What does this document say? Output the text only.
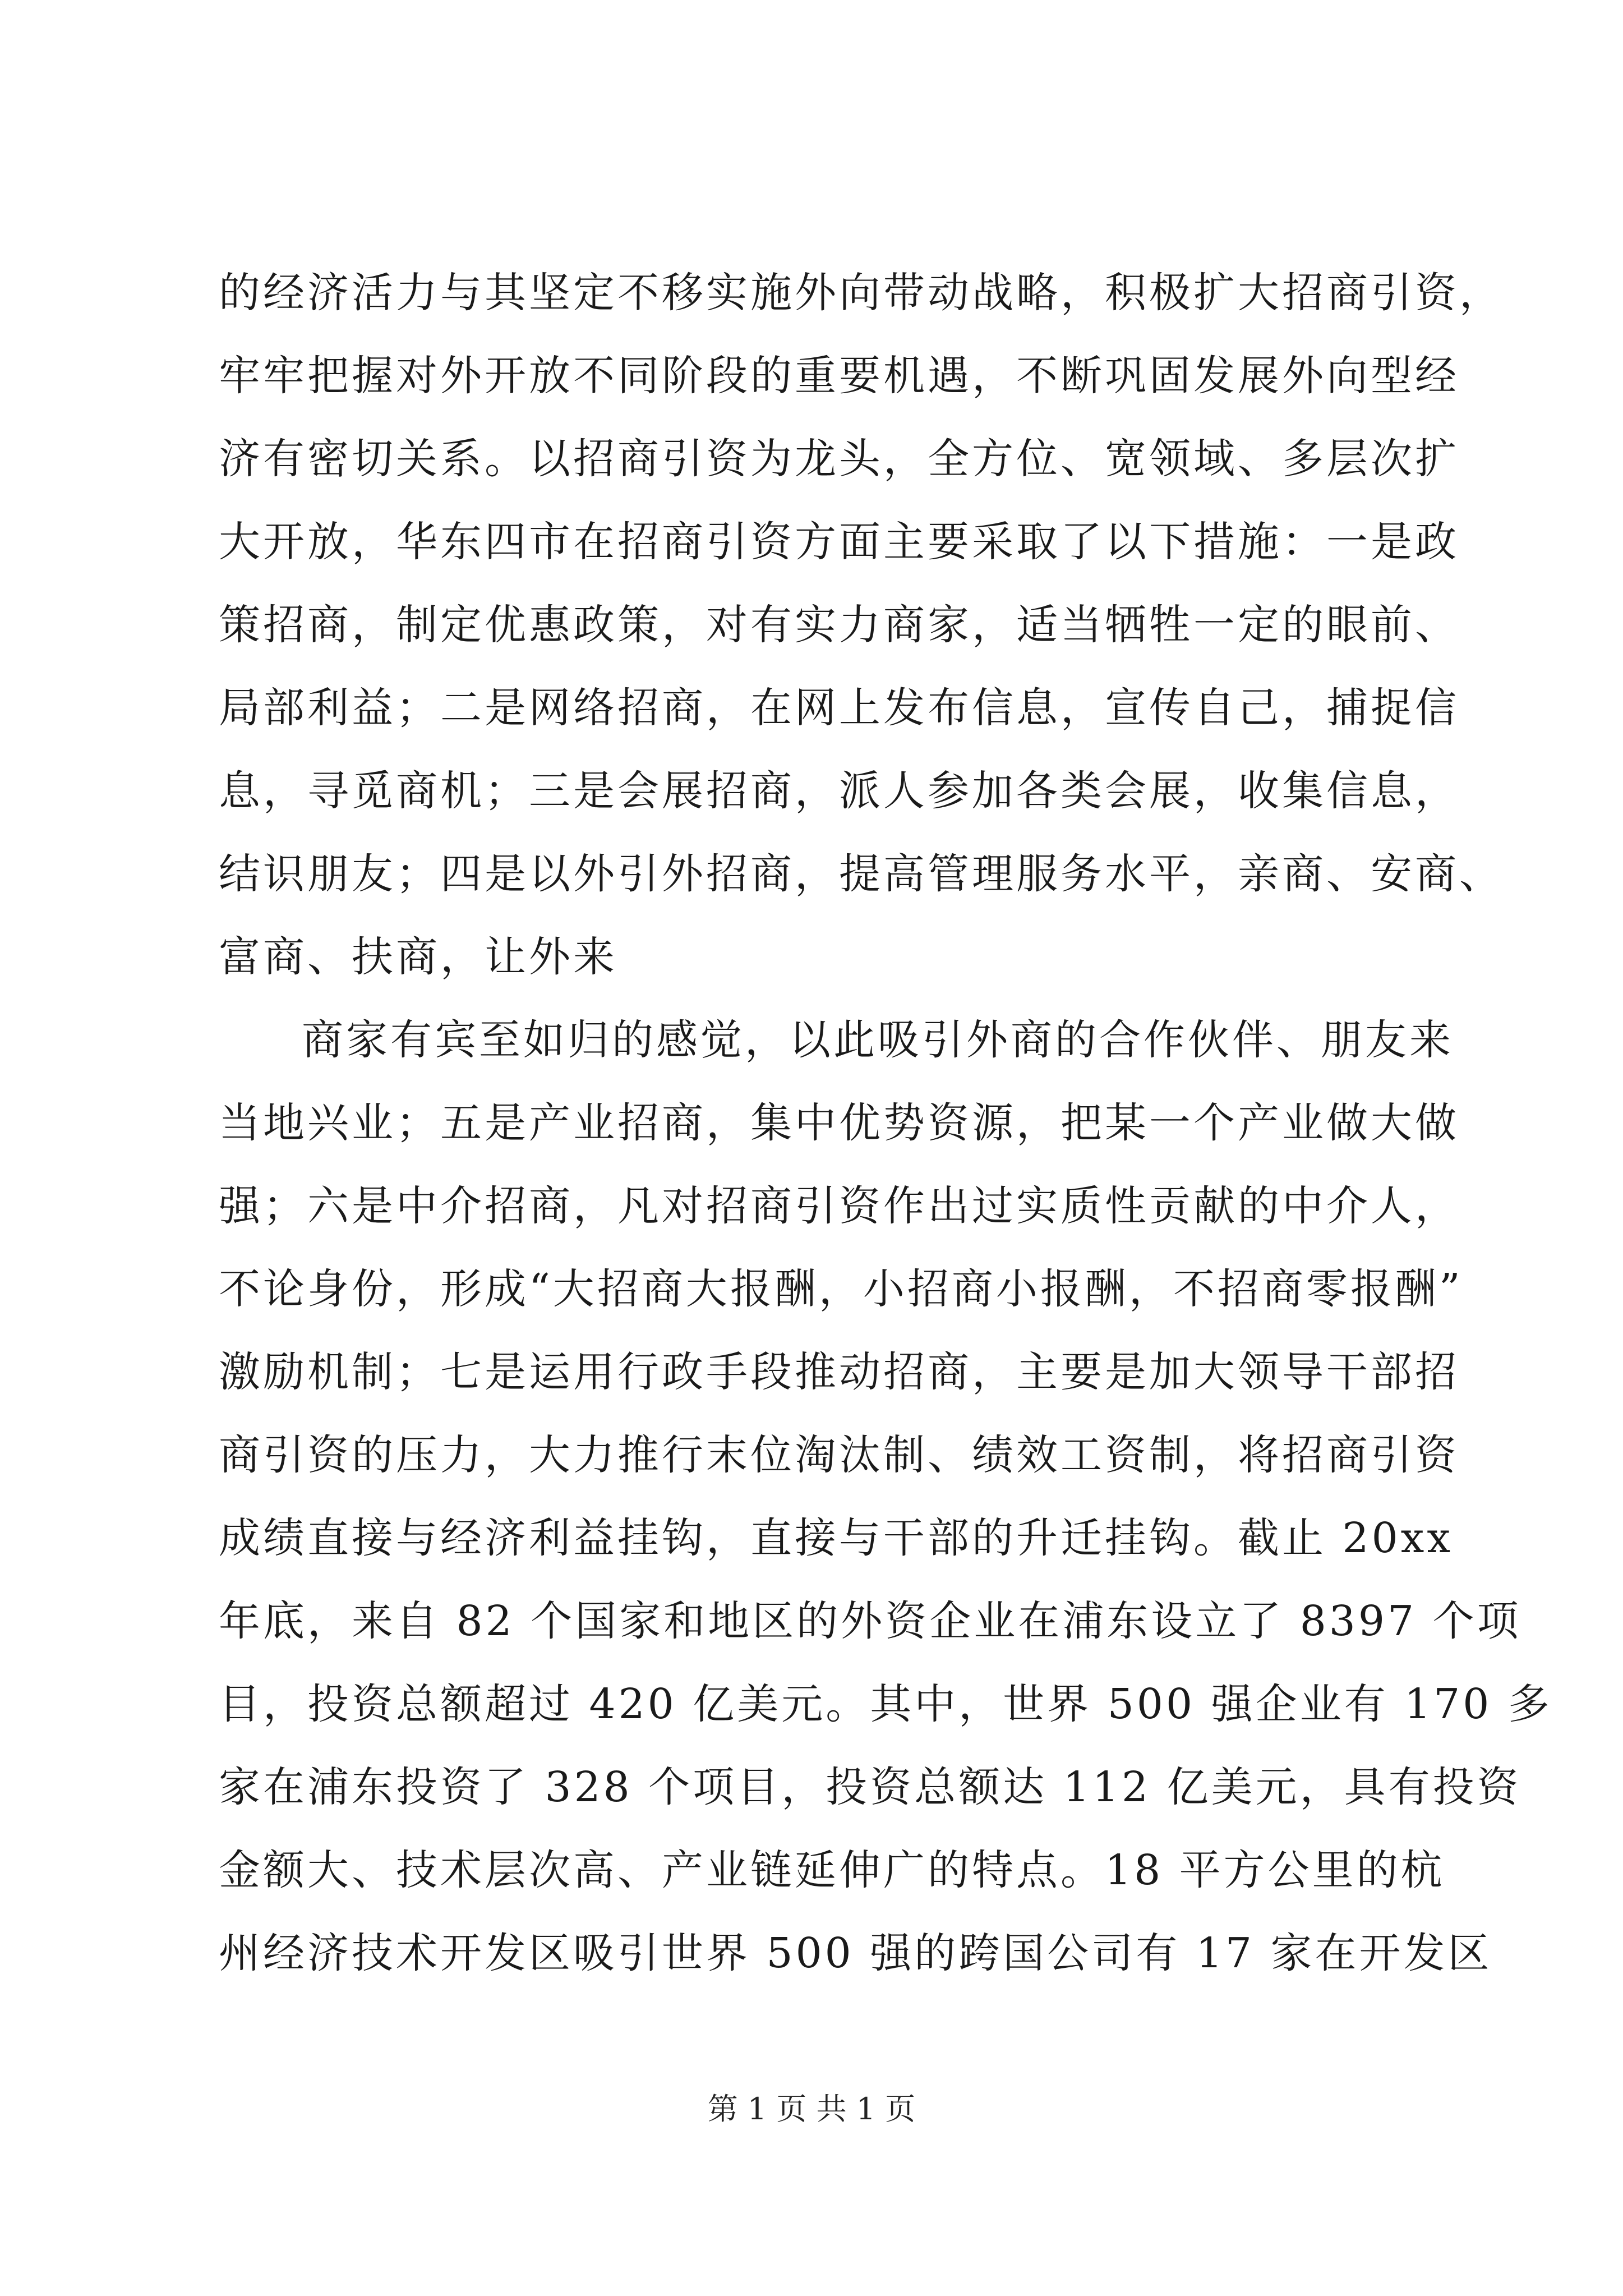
的经济活力与其坚定不移实施外向带动战略，积极扩大招商引资，
牢牢把握对外开放不同阶段的重要机遇，不断巩固发展外向型经
济有密切关系。以招商引资为龙头，全方位、宽领域、多层次扩
大开放，华东四市在招商引资方面主要采取了以下措施：一是政
策招商，制定优惠政策，对有实力商家，适当牺牲一定的眼前、
局部利益；二是网络招商，在网上发布信息，宣传自己，捕捉信
息，寻觅商机；三是会展招商，派人参加各类会展，收集信息，
结识朋友；四是以外引外招商，提高管理服务水平，亲商、安商、
富商、扶商，让外来
商家有宾至如归的感觉，以此吸引外商的合作伙伴、朋友来
当地兴业；五是产业招商，集中优势资源，把某一个产业做大做
强；六是中介招商，凡对招商引资作出过实质性贡献的中介人，
不论身份，形成“大招商大报酬，小招商小报酬，不招商零报酬”
激励机制；七是运用行政手段推动招商，主要是加大领导干部招
商引资的压力，大力推行末位淘汰制、绩效工资制，将招商引资
成绩直接与经济利益挂钩，直接与干部的升迁挂钩。截止 20xx
年底，来自 82 个国家和地区的外资企业在浦东设立了 8397 个项
目，投资总额超过 420 亿美元。其中，世界 500 强企业有 170 多
家在浦东投资了 328 个项目，投资总额达 112 亿美元，具有投资
金额大、技术层次高、产业链延伸广的特点。18 平方公里的杭
州经济技术开发区吸引世界 500 强的跨国公司有 17 家在开发区
第 1 页 共 1 页
